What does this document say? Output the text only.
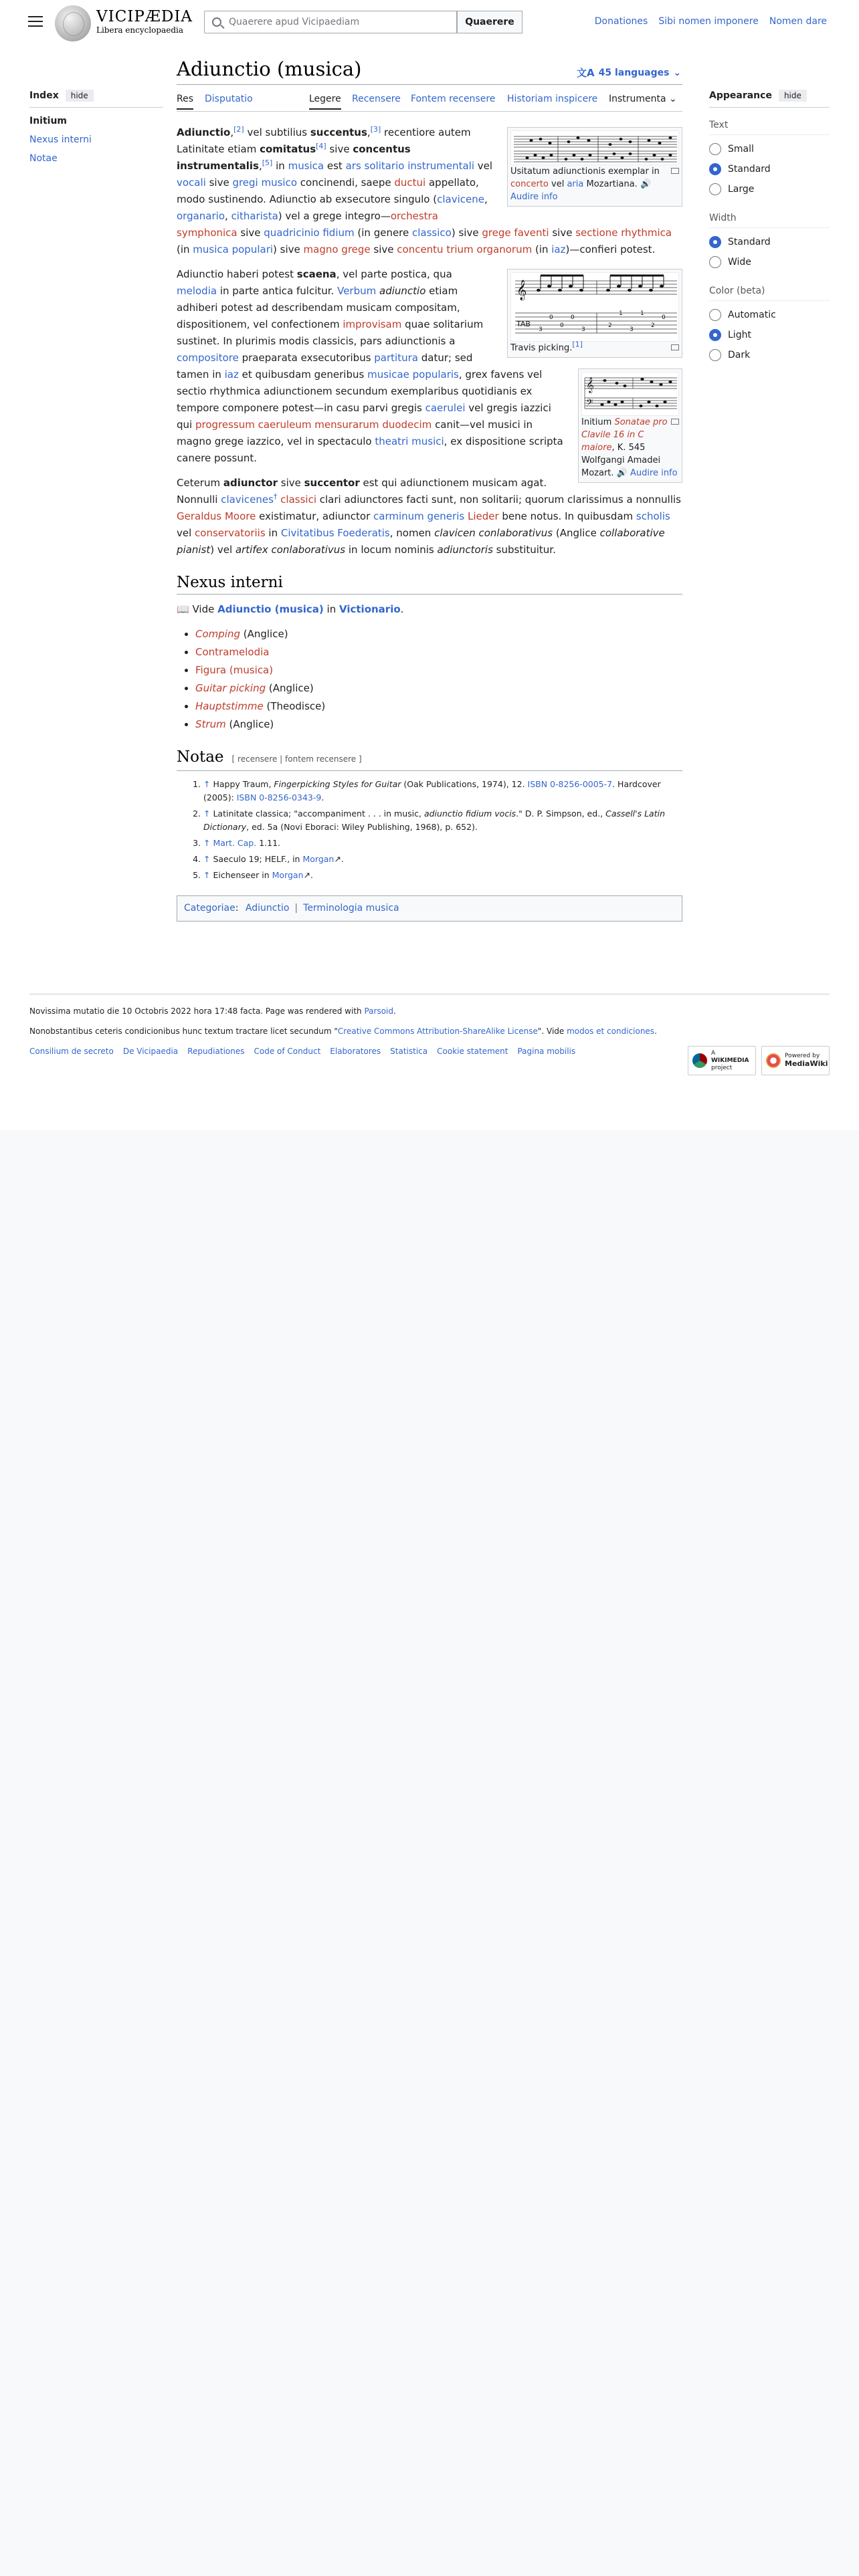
VICIPÆDIA
Libera encyclopaedia
Quaerere apud Vicipaediam	Quaerere	Donationes Sibi nomen imponere Nomen dare
Index	hide
Initium
Nexus interni
Notae
Adiunctio (musica)	文A 45 languages ⌄
Res Disputatio	Legere Recensere Fontem recensere Historiam inspicere Instrumenta ⌄	Appearance	hide
Text
Small
Standard
Large
Width
Standard
Wide
Color (beta)
Automatic
Light
Dark
Usitatum adiunctionis exemplar in concerto vel aria Mozartiana. 🔊
Audire info

Adiunctio,[2] vel subtilius succentus,[3] recentiore autem Latinitate etiam comitatus[4] sive concentus instrumentalis,[5] in musica est ars solitario instrumentali vel vocali sive gregi musico concinendi, saepe ductui appellato, modo sustinendo. Adiunctio ab exsecutore singulo (clavicene, organario, citharista) vel a grege integro—orchestra symphonica sive quadricinio fidium (in genere classico) sive grege faventi sive sectione rhythmica (in musica populari) sive magno grege sive concentu trium organorum (in iaz)—confieri potest.

𝄞
TAB
3
0
0
0
3
2
1
3
1
2
0
Travis picking.[1]
𝄞
𝄢
Initium Sonatae pro Clavile 16 in C maiore, K. 545 Wolfgangi Amadei Mozart. 🔊 Audire info

Adiunctio haberi potest scaena, vel parte postica, qua melodia in parte antica fulcitur. Verbum adiunctio etiam adhiberi potest ad describendam musicam compositam, dispositionem, vel confectionem improvisam quae solitarium sustinet. In plurimis modis classicis, pars adiunctionis a compositore praeparata exsecutoribus partitura datur; sed tamen in iaz et quibusdam generibus musicae popularis, grex favens vel sectio rhythmica adiunctionem secundum exemplaribus quotidianis ex tempore componere potest—in casu parvi gregis caerulei vel gregis iazzici qui progressum caeruleum mensurarum duodecim canit—vel musici in magno grege iazzico, vel in spectaculo theatri musici, ex dispositione scripta canere possunt.

Ceterum adiunctor sive succentor est qui adiunctionem musicam agat. Nonnulli clavicenes† classici clari adiunctores facti sunt, non solitarii; quorum clarissimus a nonnullis Geraldus Moore existimatur, adiunctor carminum generis Lieder bene notus. In quibusdam scholis vel conservatoriis in Civitatibus Foederatis, nomen clavicen conlaborativus (Anglice collaborative pianist) vel artifex conlaborativus in locum nominis adiunctoris substituitur.

Nexus interni

📖 Vide Adiunctio (musica) in Victionario.

• Comping (Anglice)
• Contramelodia
• Figura (musica)
• Guitar picking (Anglice)
• Hauptstimme (Theodisce)
• Strum (Anglice)
Notae [ recensere | fontem recensere ]
1. ↑ Happy Traum, Fingerpicking Styles for Guitar (Oak Publications, 1974), 12. ISBN 0-8256-0005-7. Hardcover (2005): ISBN 0-8256-0343-9.
2. ↑ Latinitate classica; "accompaniment . . . in music, adiunctio fidium vocis." D. P. Simpson, ed., Cassell's Latin Dictionary, ed. 5a (Novi Eboraci: Wiley Publishing, 1968), p. 652).
3. ↑ Mart. Cap. 1.11.
4. ↑ Saeculo 19; HELF., in Morgan↗.
5. ↑ Eichenseer in Morgan↗.
Categoriae: Adiunctio | Terminologia musica

Novissima mutatio die 10 Octobris 2022 hora 17:48 facta. Page was rendered with Parsoid.

Nonobstantibus ceteris condicionibus hunc textum tractare licet secundum "Creative Commons Attribution-ShareAlike License". Vide modos et condiciones.

Consilium de secreto De Vicipaedia Repudiationes Code of Conduct Elaboratores Statistica Cookie statement Pagina mobilis	A
WIKIMEDIA
project
Powered by
MediaWiki
